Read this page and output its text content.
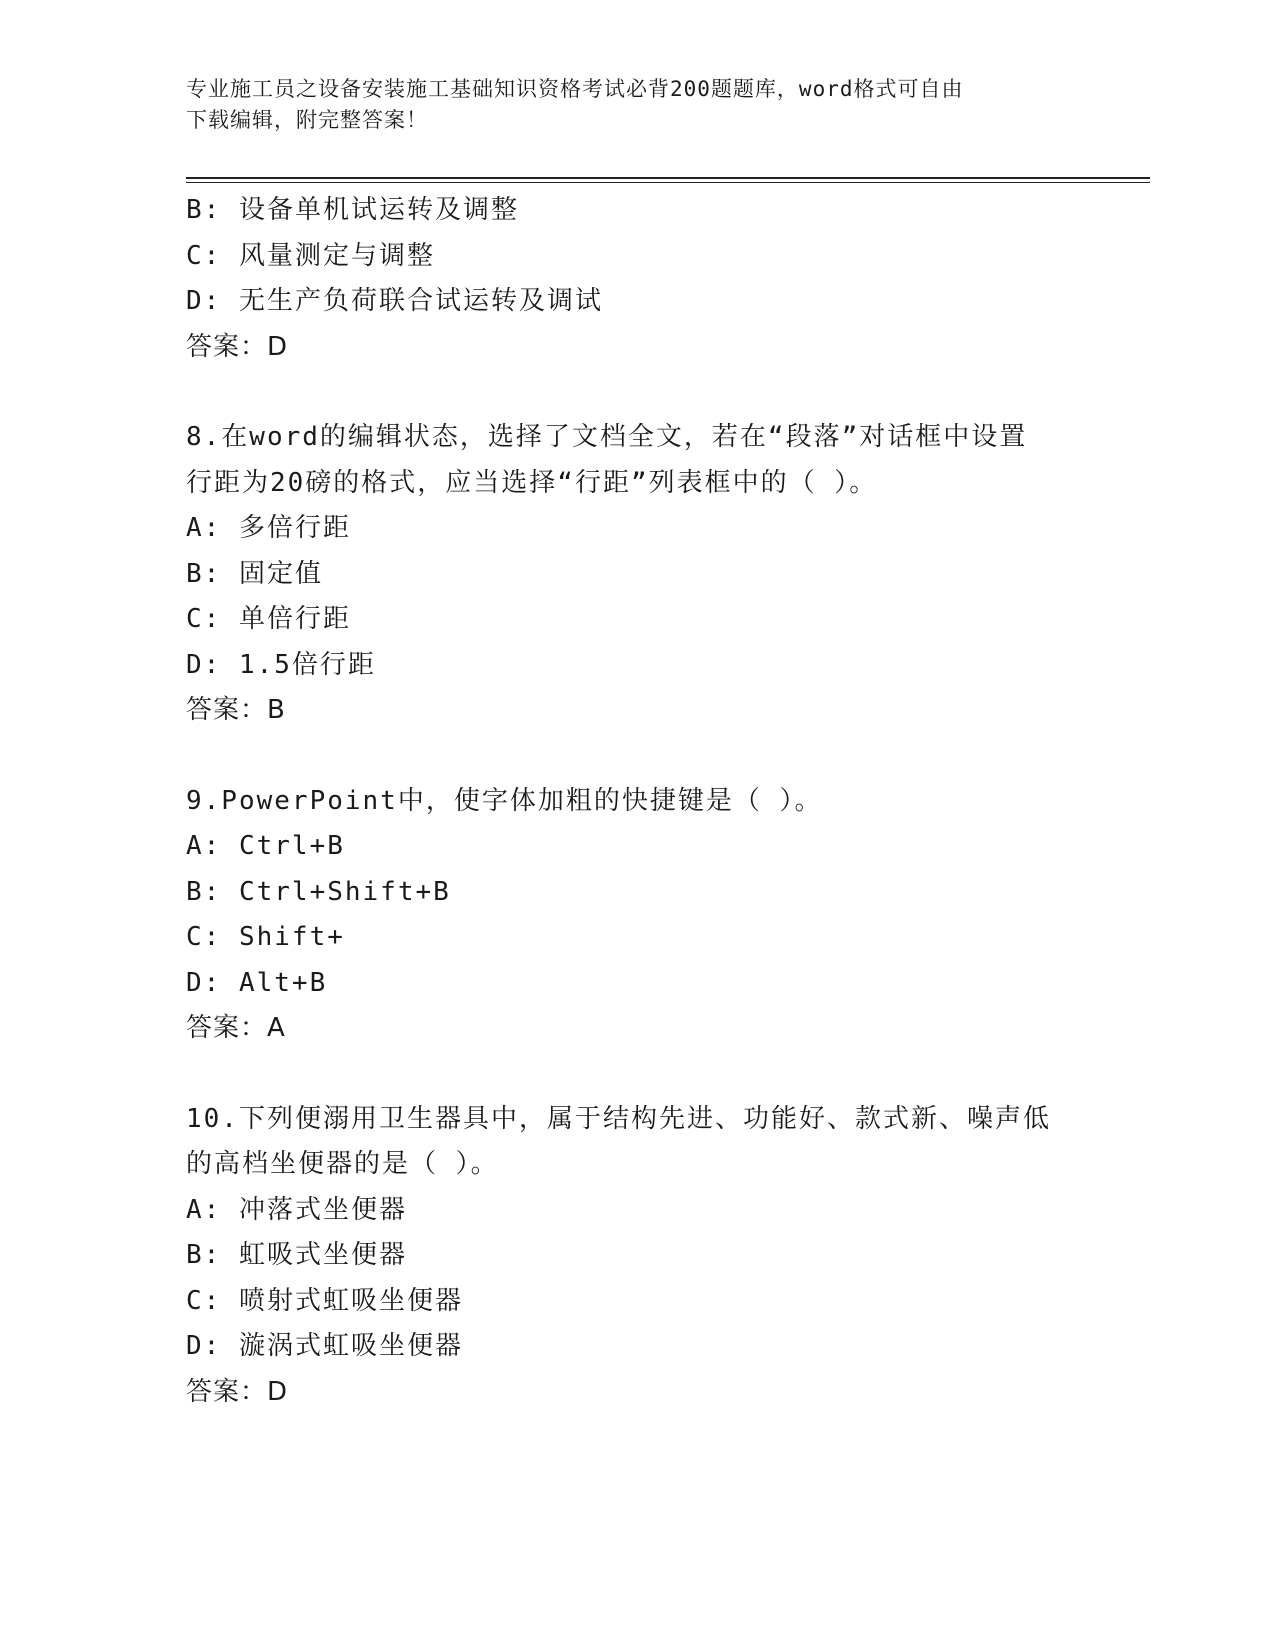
专业施工员之设备安装施工基础知识资格考试必背200题题库，word格式可自由
下载编辑，附完整答案！
B: 设备单机试运转及调整
C: 风量测定与调整
D: 无生产负荷联合试运转及调试
答案：D
8.在word的编辑状态，选择了文档全文，若在“段落”对话框中设置
行距为20磅的格式，应当选择“行距”列表框中的（ ）。
A: 多倍行距
B: 固定值
C: 单倍行距
D: 1.5倍行距
答案：B
9.PowerPoint中，使字体加粗的快捷键是（ ）。
A: Ctrl+B
B: Ctrl+Shift+B
C: Shift+
D: Alt+B
答案：A
10.下列便溺用卫生器具中，属于结构先进、功能好、款式新、噪声低
的高档坐便器的是（ ）。
A: 冲落式坐便器
B: 虹吸式坐便器
C: 喷射式虹吸坐便器
D: 漩涡式虹吸坐便器
答案：D
